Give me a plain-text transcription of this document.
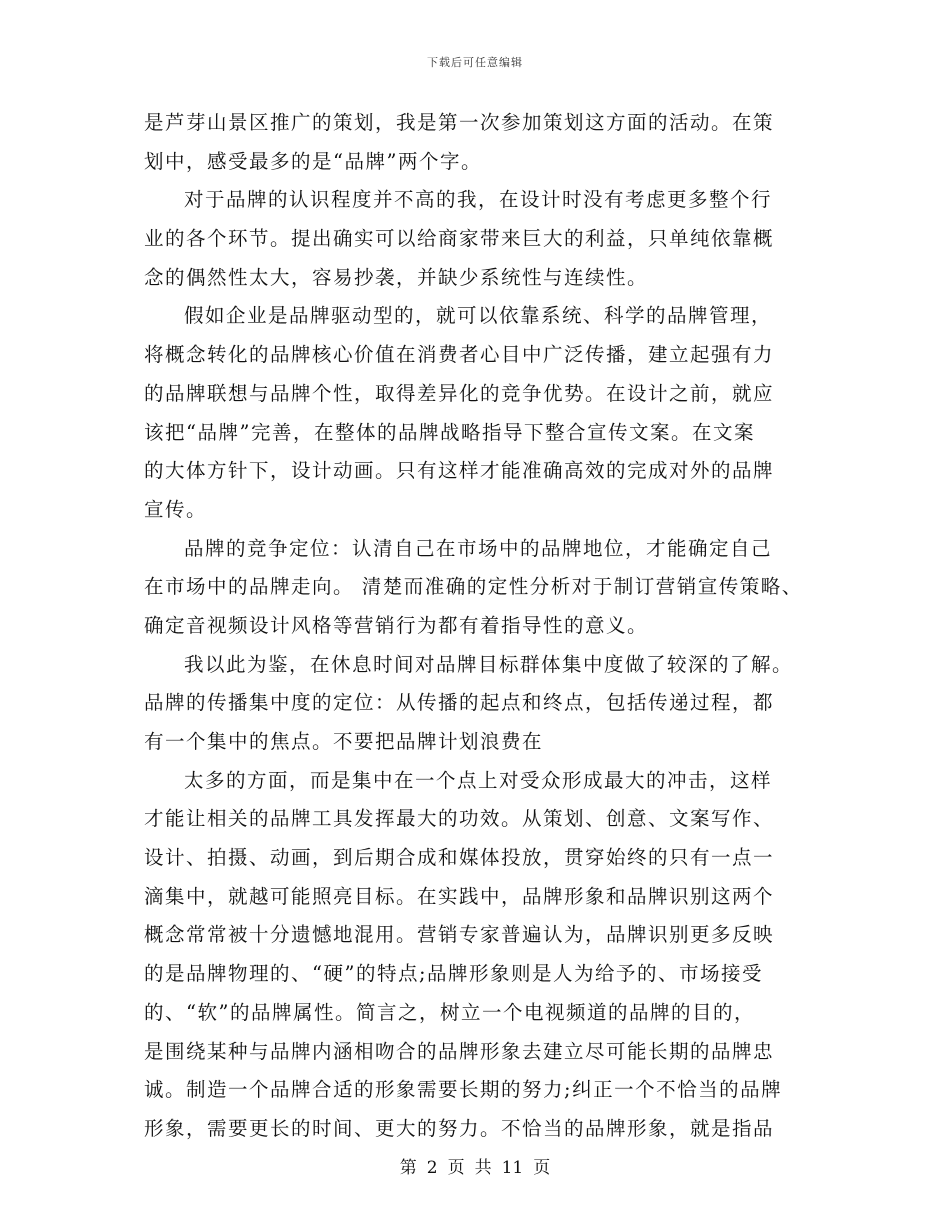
下载后可任意编辑
是芦芽山景区推广的策划，我是第一次参加策划这方面的活动。在策
划中，感受最多的是“品牌”两个字。
对于品牌的认识程度并不高的我，在设计时没有考虑更多整个行
业的各个环节。提出确实可以给商家带来巨大的利益，只单纯依靠概
念的偶然性太大，容易抄袭，并缺少系统性与连续性。
假如企业是品牌驱动型的，就可以依靠系统、科学的品牌管理，
将概念转化的品牌核心价值在消费者心目中广泛传播，建立起强有力
的品牌联想与品牌个性，取得差异化的竞争优势。在设计之前，就应
该把“品牌”完善，在整体的品牌战略指导下整合宣传文案。在文案
的大体方针下，设计动画。只有这样才能准确高效的完成对外的品牌
宣传。
品牌的竞争定位：认清自己在市场中的品牌地位，才能确定自己
在市场中的品牌走向。 清楚而准确的定性分析对于制订营销宣传策略、
确定音视频设计风格等营销行为都有着指导性的意义。
我以此为鉴，在休息时间对品牌目标群体集中度做了较深的了解。
品牌的传播集中度的定位：从传播的起点和终点，包括传递过程，都
有一个集中的焦点。不要把品牌计划浪费在
太多的方面，而是集中在一个点上对受众形成最大的冲击，这样
才能让相关的品牌工具发挥最大的功效。从策划、创意、文案写作、
设计、拍摄、动画，到后期合成和媒体投放，贯穿始终的只有一点一
滴集中，就越可能照亮目标。在实践中，品牌形象和品牌识别这两个
概念常常被十分遗憾地混用。营销专家普遍认为，品牌识别更多反映
的是品牌物理的、“硬”的特点;品牌形象则是人为给予的、市场接受
的、“软”的品牌属性。简言之，树立一个电视频道的品牌的目的，
是围绕某种与品牌内涵相吻合的品牌形象去建立尽可能长期的品牌忠
诚。制造一个品牌合适的形象需要长期的努力;纠正一个不恰当的品牌
形象，需要更长的时间、更大的努力。不恰当的品牌形象，就是指品
第 2 页 共 11 页
